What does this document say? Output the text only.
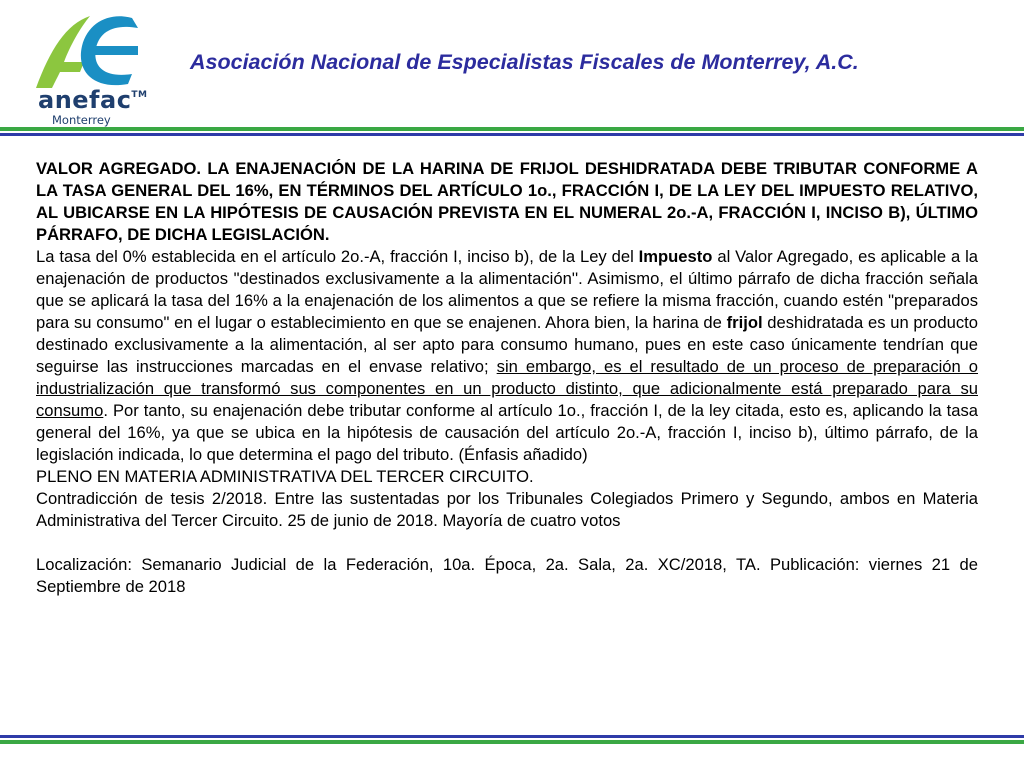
anefac™
Monterrey
Asociación Nacional de Especialistas Fiscales de Monterrey, A.C.

VALOR AGREGADO. LA ENAJENACIÓN DE LA HARINA DE FRIJOL DESHIDRATADA DEBE TRIBUTAR CONFORME A LA TASA GENERAL DEL 16%, EN TÉRMINOS DEL ARTÍCULO 1o., FRACCIÓN I, DE LA LEY DEL IMPUESTO RELATIVO, AL UBICARSE EN LA HIPÓTESIS DE CAUSACIÓN PREVISTA EN EL NUMERAL 2o.-A, FRACCIÓN I, INCISO B), ÚLTIMO PÁRRAFO, DE DICHA LEGISLACIÓN.

La tasa del 0% establecida en el artículo 2o.-A, fracción I, inciso b), de la Ley del Impuesto al Valor Agregado, es aplicable a la enajenación de productos "destinados exclusivamente a la alimentación''. Asimismo, el último párrafo de dicha fracción señala que se aplicará la tasa del 16% a la enajenación de los alimentos a que se refiere la misma fracción, cuando estén "preparados para su consumo" en el lugar o establecimiento en que se enajenen. Ahora bien, la harina de frijol deshidratada es un producto destinado exclusivamente a la alimentación, al ser apto para consumo humano, pues en este caso únicamente tendrían que seguirse las instrucciones marcadas en el envase relativo; sin embargo, es el resultado de un proceso de preparación o industrialización que transformó sus componentes en un producto distinto, que adicionalmente está preparado para su consumo. Por tanto, su enajenación debe tributar conforme al artículo 1o., fracción I, de la ley citada, esto es, aplicando la tasa general del 16%, ya que se ubica en la hipótesis de causación del artículo 2o.-A, fracción I, inciso b), último párrafo, de la legislación indicada, lo que determina el pago del tributo. (Énfasis añadido)

PLENO EN MATERIA ADMINISTRATIVA DEL TERCER CIRCUITO.

Contradicción de tesis 2/2018. Entre las sustentadas por los Tribunales Colegiados Primero y Segundo, ambos en Materia Administrativa del Tercer Circuito. 25 de junio de 2018. Mayoría de cuatro votos

Localización: Semanario Judicial de la Federación, 10a. Época, 2a. Sala, 2a. XC/2018, TA. Publicación: viernes 21 de Septiembre de 2018
